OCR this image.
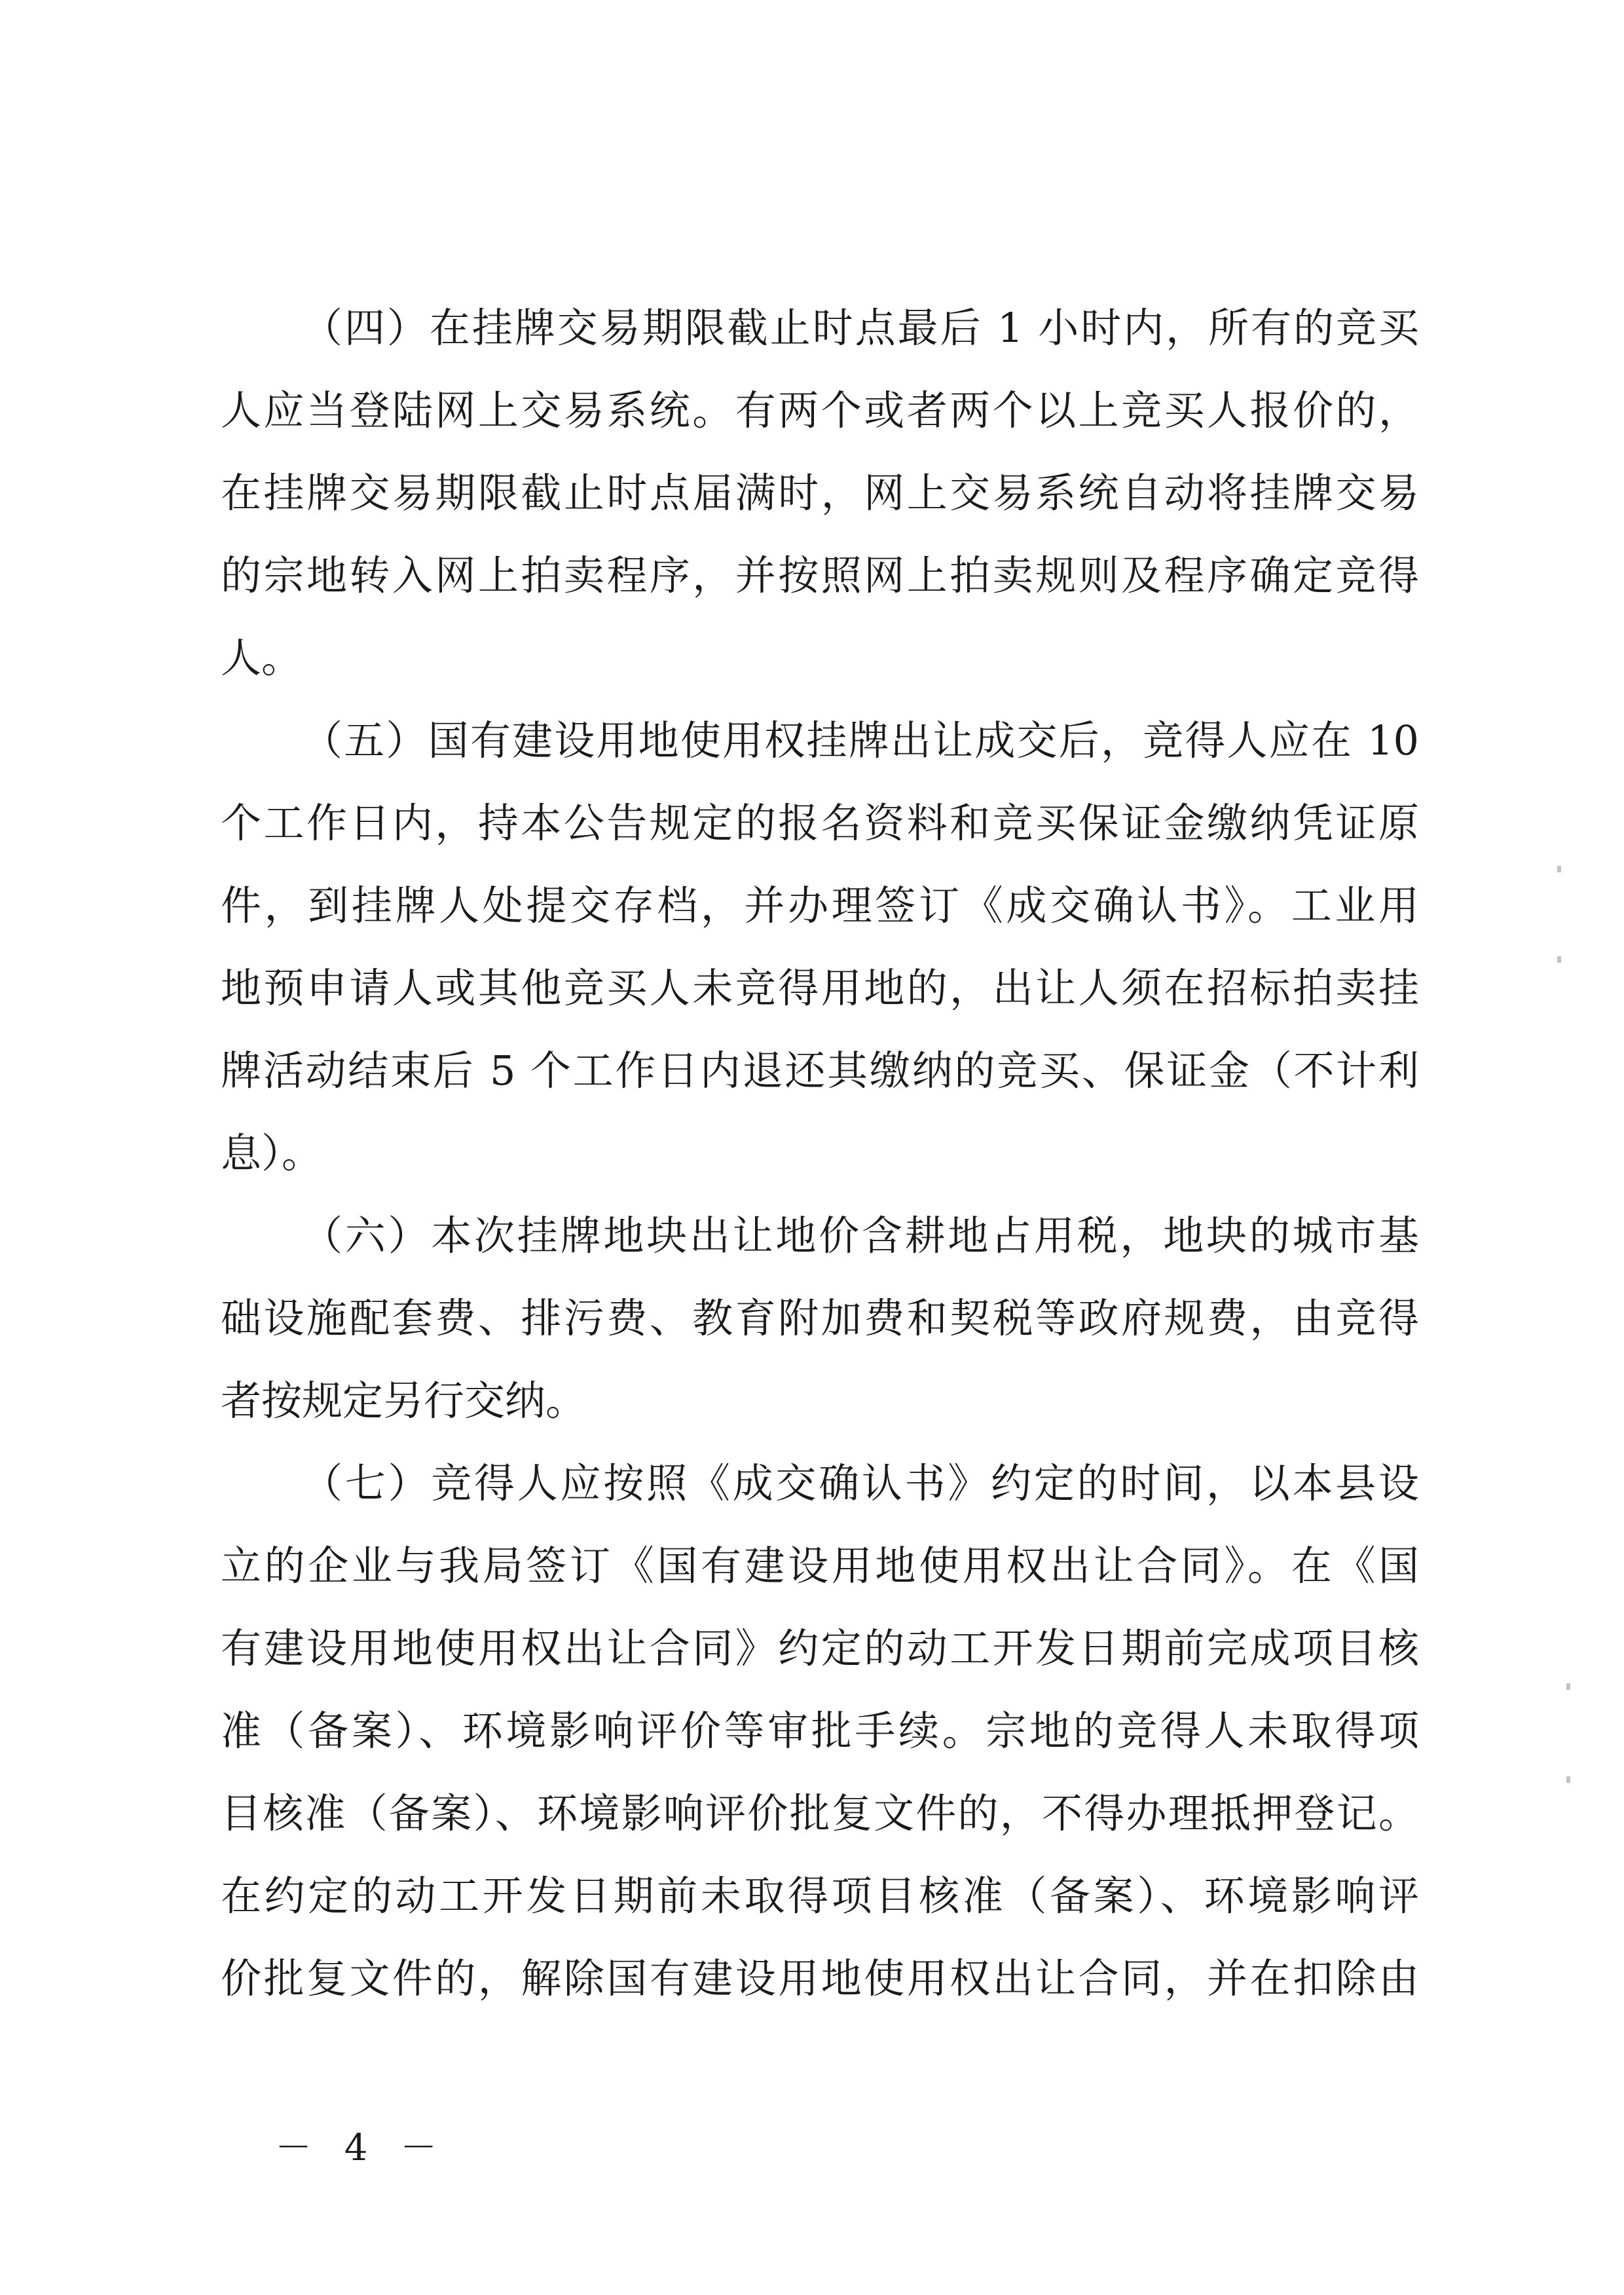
（四）在挂牌交易期限截止时点最后 1 小时内，所有的竞买
人应当登陆网上交易系统。有两个或者两个以上竞买人报价的，
在挂牌交易期限截止时点届满时，网上交易系统自动将挂牌交易
的宗地转入网上拍卖程序，并按照网上拍卖规则及程序确定竞得
人。
（五）国有建设用地使用权挂牌出让成交后，竞得人应在 10
个工作日内，持本公告规定的报名资料和竞买保证金缴纳凭证原
件，到挂牌人处提交存档，并办理签订《成交确认书》。工业用
地预申请人或其他竞买人未竞得用地的，出让人须在招标拍卖挂
牌活动结束后 5 个工作日内退还其缴纳的竞买、保证金（不计利
息）。
（六）本次挂牌地块出让地价含耕地占用税，地块的城市基
础设施配套费、排污费、教育附加费和契税等政府规费，由竞得
者按规定另行交纳。
（七）竞得人应按照《成交确认书》约定的时间，以本县设
立的企业与我局签订《国有建设用地使用权出让合同》。在《国
有建设用地使用权出让合同》约定的动工开发日期前完成项目核
准（备案）、环境影响评价等审批手续。宗地的竞得人未取得项
目核准（备案）、环境影响评价批复文件的，不得办理抵押登记。
在约定的动工开发日期前未取得项目核准（备案）、环境影响评
价批复文件的，解除国有建设用地使用权出让合同，并在扣除由
－ 4 －
